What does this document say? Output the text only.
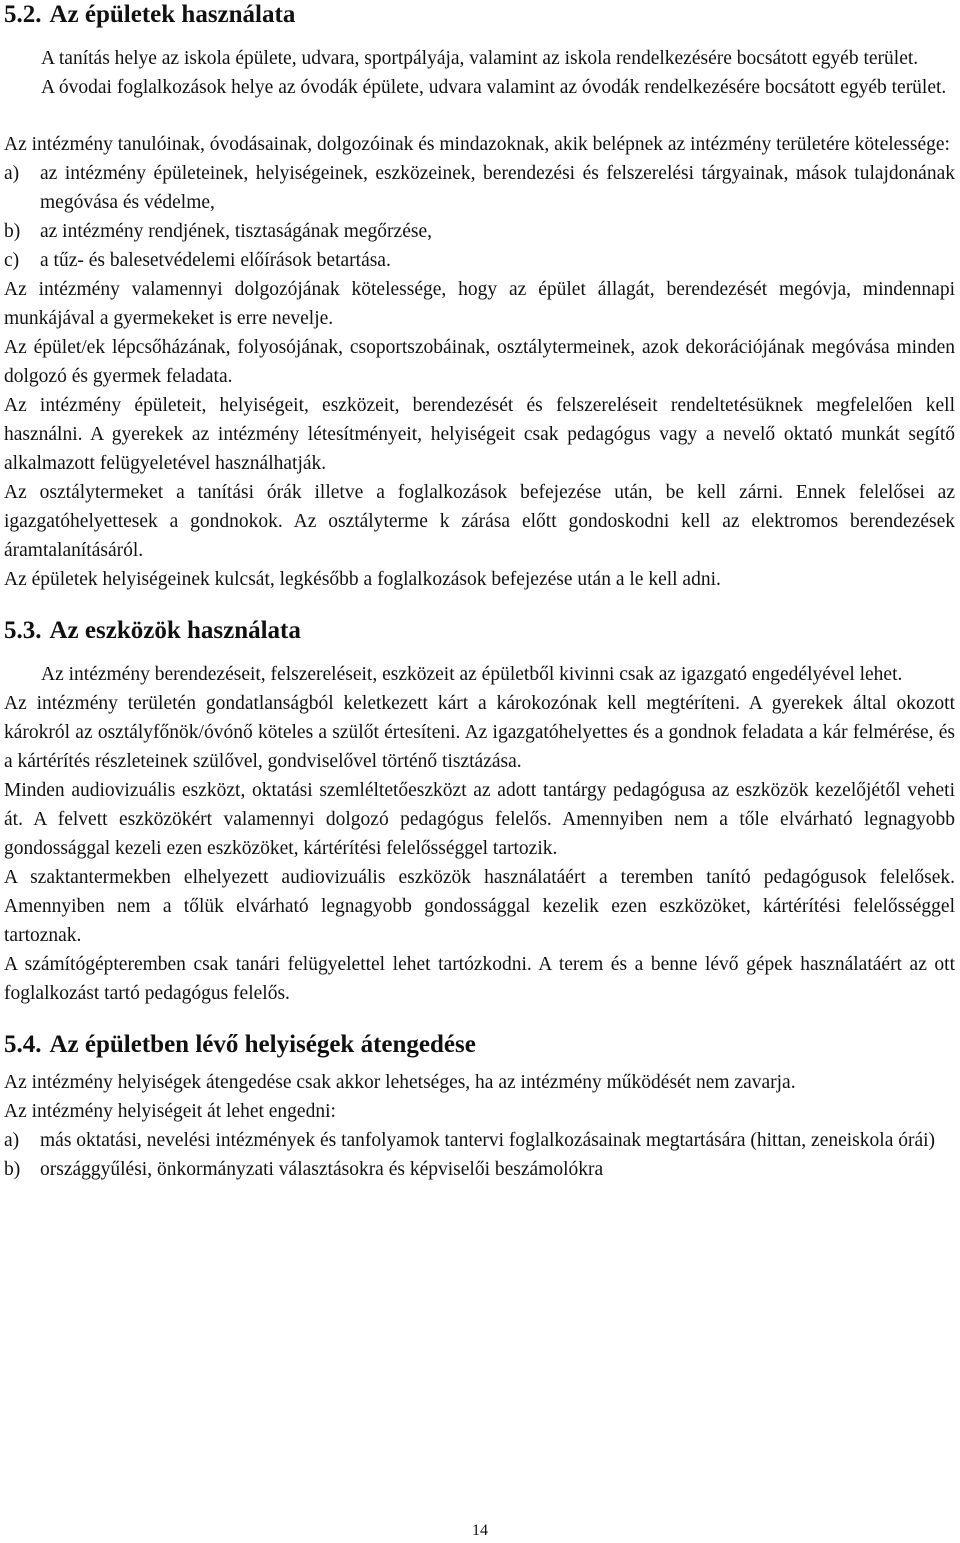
5.2. Az épületek használata

A tanítás helye az iskola épülete, udvara, sportpályája, valamint az iskola rendelkezésére bocsátott egyéb terület.

A óvodai foglalkozások helye az óvodák épülete, udvara valamint az óvodák rendelkezésére bocsátott egyéb terület.

Az intézmény tanulóinak, óvodásainak, dolgozóinak és mindazoknak, akik belépnek az intézmény területére kötelessége:

a)	az intézmény épületeinek, helyiségeinek, eszközeinek, berendezési és felszerelési tárgyainak, mások tulajdonának megóvása és védelme,
b)	az intézmény rendjének, tisztaságának megőrzése,
c)	a tűz- és balesetvédelemi előírások betartása.

Az intézmény valamennyi dolgozójának kötelessége, hogy az épület állagát, berendezését megóvja, mindennapi munkájával a gyermekeket is erre nevelje.

Az épület/ek lépcsőházának, folyosójának, csoportszobáinak, osztálytermeinek, azok dekorációjának megóvása minden dolgozó és gyermek feladata.

Az intézmény épületeit, helyiségeit, eszközeit, berendezését és felszereléseit rendeltetésüknek megfelelően kell használni. A gyerekek az intézmény létesítményeit, helyiségeit csak pedagógus vagy a nevelő oktató munkát segítő alkalmazott felügyeletével használhatják.

Az osztálytermeket a tanítási órák illetve a foglalkozások befejezése után, be kell zárni. Ennek felelősei az igazgatóhelyettesek a gondnokok. Az osztályterme k zárása előtt gondoskodni kell az elektromos berendezések áramtalanításáról.

Az épületek helyiségeinek kulcsát, legkésőbb a foglalkozások befejezése után a le kell adni.

5.3. Az eszközök használata

Az intézmény berendezéseit, felszereléseit, eszközeit az épületből kivinni csak az igazgató engedélyével lehet.

Az intézmény területén gondatlanságból keletkezett kárt a károkozónak kell megtéríteni. A gyerekek által okozott károkról az osztályfőnök/óvónő köteles a szülőt értesíteni. Az igazgatóhelyettes és a gondnok feladata a kár felmérése, és a kártérítés részleteinek szülővel, gondviselővel történő tisztázása.

Minden audiovizuális eszközt, oktatási szemléltetőeszközt az adott tantárgy pedagógusa az eszközök kezelőjétől veheti át. A felvett eszközökért valamennyi dolgozó pedagógus felelős. Amennyiben nem a tőle elvárható legnagyobb gondossággal kezeli ezen eszközöket, kártérítési felelősséggel tartozik.

A szaktantermekben elhelyezett audiovizuális eszközök használatáért a teremben tanító pedagógusok felelősek. Amennyiben nem a tőlük elvárható legnagyobb gondossággal kezelik ezen eszközöket, kártérítési felelősséggel tartoznak.

A számítógépteremben csak tanári felügyelettel lehet tartózkodni. A terem és a benne lévő gépek használatáért az ott foglalkozást tartó pedagógus felelős.

5.4. Az épületben lévő helyiségek átengedése

Az intézmény helyiségek átengedése csak akkor lehetséges, ha az intézmény működését nem zavarja.

Az intézmény helyiségeit át lehet engedni:

a)	más oktatási, nevelési intézmények és tanfolyamok tantervi foglalkozásainak megtartására (hittan, zeneiskola órái)
b)	országgyűlési, önkormányzati választásokra és képviselői beszámolókra
14
